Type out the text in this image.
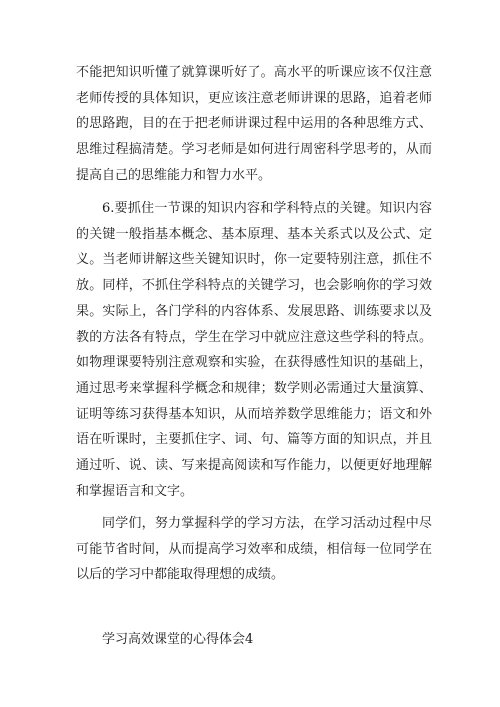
不能把知识听懂了就算课听好了。高水平的听课应该不仅注意老师传授的具体知识，更应该注意老师讲课的思路，追着老师的思路跑，目的在于把老师讲课过程中运用的各种思维方式、思维过程搞清楚。学习老师是如何进行周密科学思考的，从而提高自己的思维能力和智力水平。

6.要抓住一节课的知识内容和学科特点的关键。知识内容的关键一般指基本概念、基本原理、基本关系式以及公式、定义。当老师讲解这些关键知识时，你一定要特别注意，抓住不放。同样，不抓住学科特点的关键学习，也会影响你的学习效果。实际上，各门学科的内容体系、发展思路、训练要求以及教的方法各有特点，学生在学习中就应注意这些学科的特点。如物理课要特别注意观察和实验，在获得感性知识的基础上，通过思考来掌握科学概念和规律；数学则必需通过大量演算、证明等练习获得基本知识，从而培养数学思维能力；语文和外语在听课时，主要抓住字、词、句、篇等方面的知识点，并且通过听、说、读、写来提高阅读和写作能力，以便更好地理解和掌握语言和文字。

同学们，努力掌握科学的学习方法，在学习活动过程中尽可能节省时间，从而提高学习效率和成绩，相信每一位同学在以后的学习中都能取得理想的成绩。

学习高效课堂的心得体会4
